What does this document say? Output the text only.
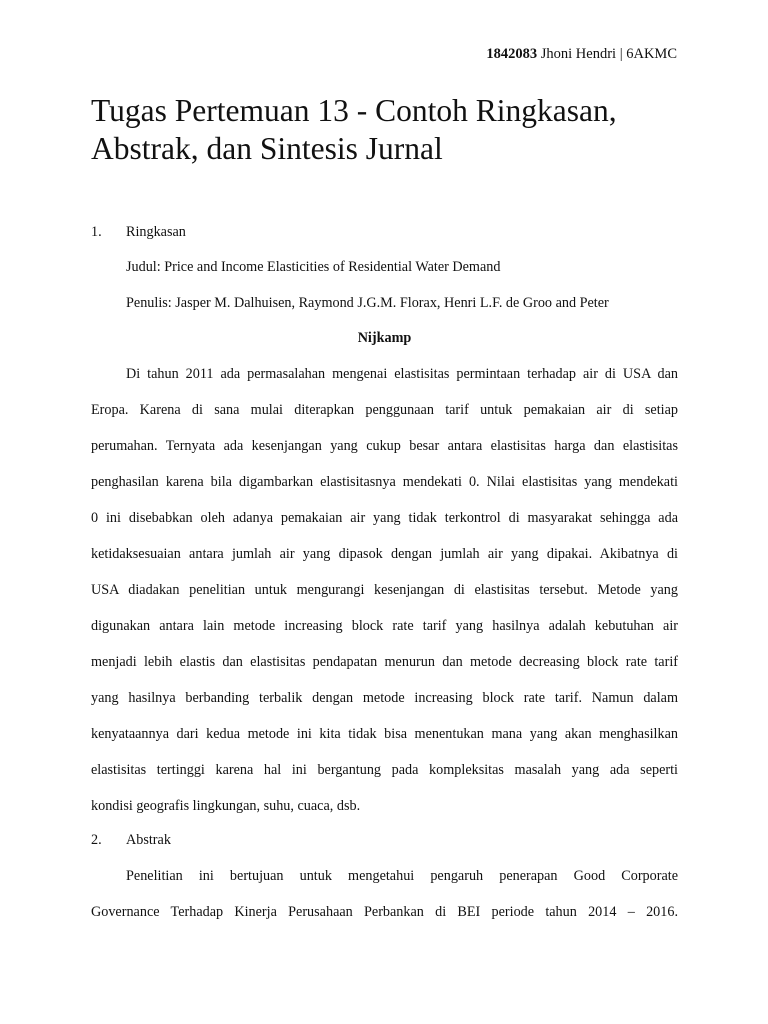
1842083 Jhoni Hendri | 6AKMC
Tugas Pertemuan 13 - Contoh Ringkasan,
Abstrak, dan Sintesis Jurnal
1. Ringkasan
Judul: Price and Income Elasticities of Residential Water Demand
Penulis: Jasper M. Dalhuisen, Raymond J.G.M. Florax, Henri L.F. de Groo and Peter
Nijkamp
Di tahun 2011 ada permasalahan mengenai elastisitas permintaan terhadap air di USA dan
Eropa. Karena di sana mulai diterapkan penggunaan tarif untuk pemakaian air di setiap
perumahan. Ternyata ada kesenjangan yang cukup besar antara elastisitas harga dan elastisitas
penghasilan karena bila digambarkan elastisitasnya mendekati 0. Nilai elastisitas yang mendekati
0 ini disebabkan oleh adanya pemakaian air yang tidak terkontrol di masyarakat sehingga ada
ketidaksesuaian antara jumlah air yang dipasok dengan jumlah air yang dipakai. Akibatnya di
USA diadakan penelitian untuk mengurangi kesenjangan di elastisitas tersebut. Metode yang
digunakan antara lain metode increasing block rate tarif yang hasilnya adalah kebutuhan air
menjadi lebih elastis dan elastisitas pendapatan menurun dan metode decreasing block rate tarif
yang hasilnya berbanding terbalik dengan metode increasing block rate tarif. Namun dalam
kenyataannya dari kedua metode ini kita tidak bisa menentukan mana yang akan menghasilkan
elastisitas tertinggi karena hal ini bergantung pada kompleksitas masalah yang ada seperti
kondisi geografis lingkungan, suhu, cuaca, dsb.
2. Abstrak
Penelitian ini bertujuan untuk mengetahui pengaruh penerapan Good Corporate
Governance Terhadap Kinerja Perusahaan Perbankan di BEI periode tahun 2014 – 2016.
